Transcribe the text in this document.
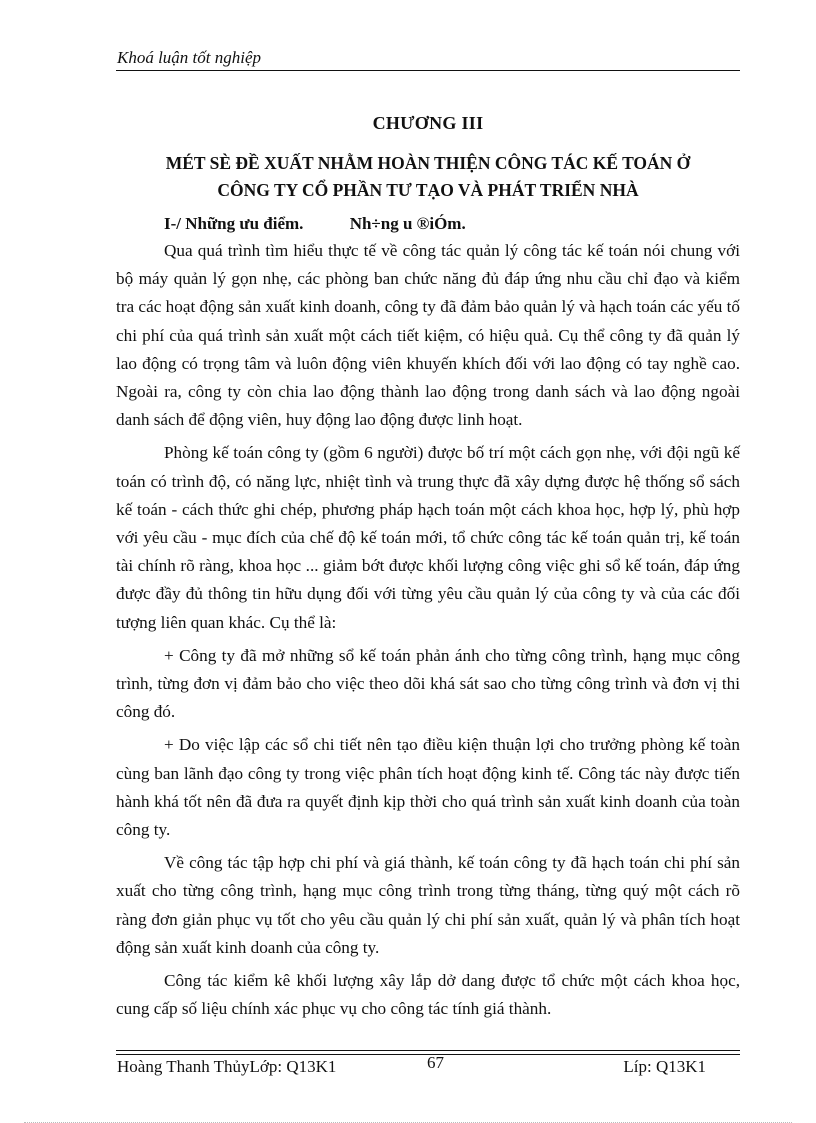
Khoá luận tốt nghiệp
CHƯƠNG III
MÉT SÈ ĐỀ XUẤT NHẰM HOÀN THIỆN CÔNG TÁC KẾ TOÁN Ở
CÔNG TY CỔ PHẦN TƯ TẠO VÀ PHÁT TRIỂN NHÀ
I-/ Những ưu điểm.	Nh÷ng u ®iÓm.

Qua quá trình tìm hiểu thực tế về công tác quản lý công tác kế toán nói chung với bộ máy quản lý gọn nhẹ, các phòng ban chức năng đủ đáp ứng nhu cầu chỉ đạo và kiểm tra các hoạt động sản xuất kinh doanh, công ty đã đảm bảo quản lý và hạch toán các yếu tố chi phí của quá trình sản xuất một cách tiết kiệm, có hiệu quả. Cụ thể công ty đã quản lý lao động có trọng tâm và luôn động viên khuyến khích đối với lao động có tay nghề cao. Ngoài ra, công ty còn chia lao động thành lao động trong danh sách và lao động ngoài danh sách để động viên, huy động lao động được linh hoạt.

Phòng kế toán công ty (gồm 6 người) được bố trí một cách gọn nhẹ, với đội ngũ kế toán có trình độ, có năng lực, nhiệt tình và trung thực đã xây dựng được hệ thống sổ sách kế toán - cách thức ghi chép, phương pháp hạch toán một cách khoa học, hợp lý, phù hợp với yêu cầu - mục đích của chế độ kế toán mới, tổ chức công tác kế toán quản trị, kế toán tài chính rõ ràng, khoa học ... giảm bớt được khối lượng công việc ghi sổ kế toán, đáp ứng được đầy đủ thông tin hữu dụng đối với từng yêu cầu quản lý của công ty và của các đối tượng liên quan khác. Cụ thể là:

+ Công ty đã mở những sổ kế toán phản ánh cho từng công trình, hạng mục công trình, từng đơn vị đảm bảo cho việc theo dõi khá sát sao cho từng công trình và đơn vị thi công đó.

+ Do việc lập các sổ chi tiết nên tạo điều kiện thuận lợi cho trưởng phòng kế toàn cùng ban lãnh đạo công ty trong việc phân tích hoạt động kinh tế. Công tác này được tiến hành khá tốt nên đã đưa ra quyết định kịp thời cho quá trình sản xuất kinh doanh của toàn công ty.

Về công tác tập hợp chi phí và giá thành, kế toán công ty đã hạch toán chi phí sản xuất cho từng công trình, hạng mục công trình trong từng tháng, từng quý một cách rõ ràng đơn giản phục vụ tốt cho yêu cầu quản lý chi phí sản xuất, quản lý và phân tích hoạt động sản xuất kinh doanh của công ty.

Công tác kiểm kê khối lượng xây lắp dở dang được tổ chức một cách khoa học, cung cấp số liệu chính xác phục vụ cho công tác tính giá thành.

Hoàng Thanh ThủyLớp: Q13K1	67	Líp: Q13K1
